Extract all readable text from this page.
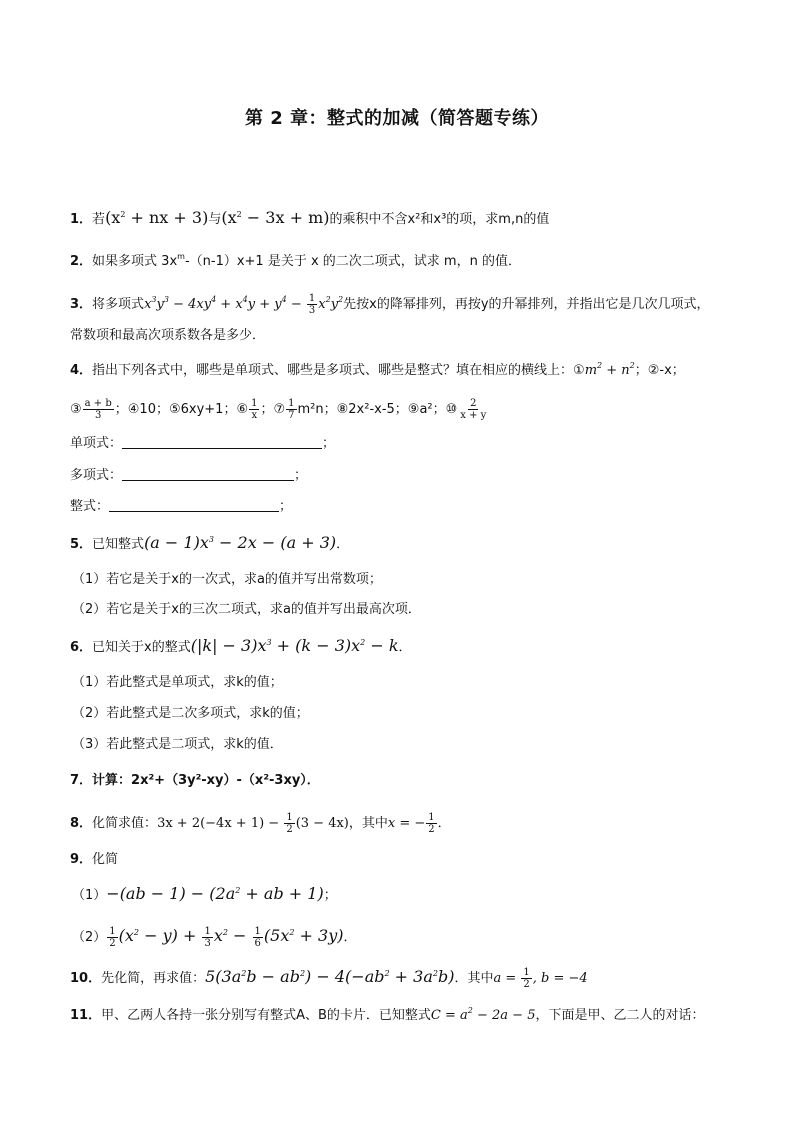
第 2 章：整式的加减（简答题专练）
1．若($x^2$ + nx + 3)与$(x^2 - 3x + m)$的乘积中不含x²和x³的项，求m,n的值
2．如果多项式 $3x^m-(n-1)x+1$ 是关于 x 的二次二项式，试求 m，n 的值．
3．将多项式$x^3y^3 - 4xy^4 + x^4y + y^4 - \frac{1}{3} x^2y^2$先按x的降幂排列，再按y的升幂排列，并指出它是几次几项式，
常数项和最高次项系数各是多少．
4．指出下列各式中，哪些是单项式、哪些是多项式、哪些是整式？填在相应的横线上：$①m^2 + n^2$；②-x；
③ $\frac{a + b}{3}$ ；④10；⑤6xy+1；⑥ $\frac{1}{x}$ ；⑦ $\frac{1}{7} m^2n$；⑧2x²-x-5；⑨a²；⑩ $\frac{2}{x + y}$
单项式：	；
多项式：	；
整式：	；
5．已知整式$(a - 1)x^3 - 2x - (a + 3)$．
（1）若它是关于x的一次式，求a的值并写出常数项；
（2）若它是关于x的三次二项式，求a的值并写出最高次项．
6．已知关于x的整式$(|k| - 3)x^3 + (k - 3)x^2 - k$．
（1）若此整式是单项式，求k的值；
（2）若此整式是二次多项式，求k的值；
（3）若此整式是二项式，求k的值．
7．计算：2x²+（3y²-xy）-（x²-3xy）．
8．化简求值：$3x + 2(-4x + 1) - \frac{1}{2} (3 - 4x)$，其中x = − $\frac{1}{2}$ ．
9．化简
$(1)-(ab - 1) - (2a^2$ + ab + 1)；
$(2) \frac{1}{2} (x^2 - y) + \frac{1}{3} x^2 - \frac{1}{6} (5x^2 + 3y)$．
10．先化简，再求值：$5(3a^2b - ab^2) - 4(-ab^2 + 3a^2b)$．其中$a = \frac{1}{2}$ , b = −4
11．甲、乙两人各持一张分别写有整式A、B的卡片．已知整式$C = a^2 - 2a - 5$，下面是甲、乙二人的对话：
